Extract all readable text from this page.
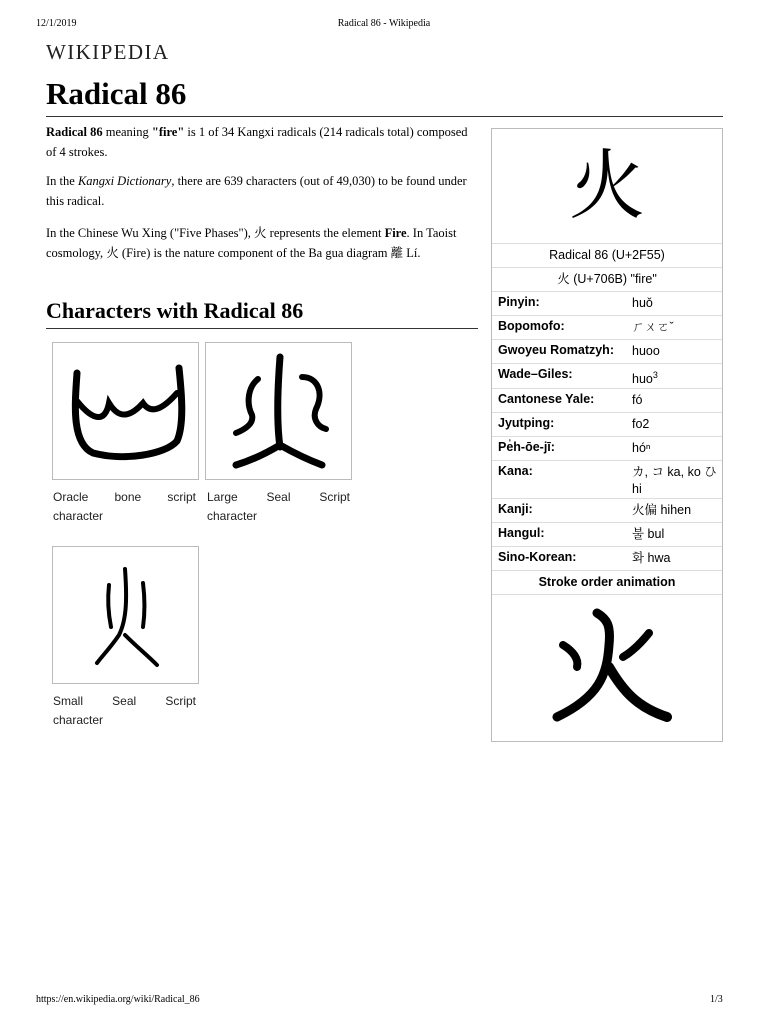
12/1/2019	Radical 86 - Wikipedia
WIKIPEDIA
Radical 86
Radical 86 meaning "fire" is 1 of 34 Kangxi radicals (214 radicals total) composed of 4 strokes.
In the Kangxi Dictionary, there are 639 characters (out of 49,030) to be found under this radical.
In the Chinese Wu Xing ("Five Phases"), 火 represents the element Fire. In Taoist cosmology, 火 (Fire) is the nature component of the Ba gua diagram 離 Lí.
Characters with Radical 86
Oracle bone script character
Large Seal Script character
Small Seal Script character
火
Radical 86 (U+2F55)
火 (U+706B) "fire"
Pinyin:	huǒ
Bopomofo:	ㄏㄨㄛˇ
Gwoyeu Romatzyh:	huoo
Wade–Giles:	huo$^3$
Cantonese Yale:	fó
Jyutping:	fo2
Pe̍h-ōe-jī:	hóⁿ
Kana:	カ, コ ka, ko ひ hi
Kanji:	火偏 hihen
Hangul:	불 bul
Sino-Korean:	화 hwa
Stroke order animation
https://en.wikipedia.org/wiki/Radical_86	1/3
